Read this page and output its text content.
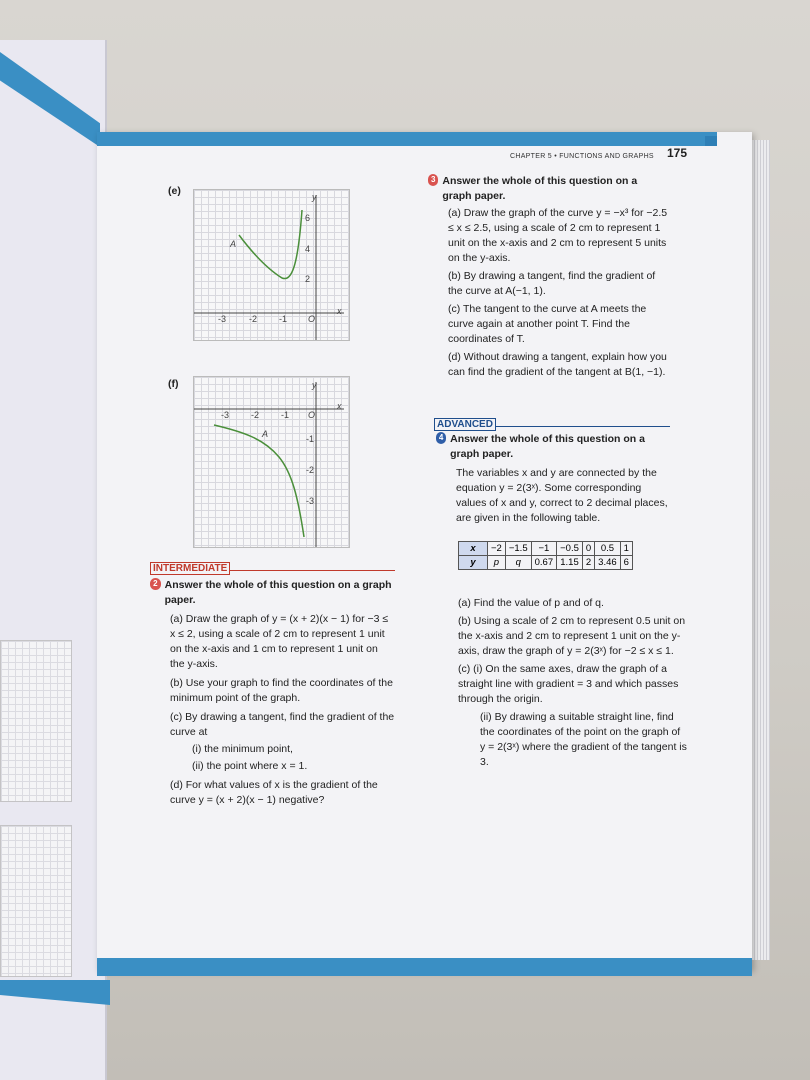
CHAPTER 5 • FUNCTIONS AND GRAPHS 175
(e)	y
x
O
A
6
4
2
-3	-2 -1
(f)	y
x
O
A	-1
-2
-3
-3 -2 -1
INTERMEDIATE
2 Answer the whole of this question on a graph paper.
(a) Draw the graph of y = (x + 2)(x − 1) for −3 ≤ x ≤ 2, using a scale of 2 cm to represent 1 unit on the x-axis and 1 cm to represent 1 unit on the y-axis.
(b) Use your graph to find the coordinates of the minimum point of the graph.
(c) By drawing a tangent, find the gradient of the curve at
(i) the minimum point,
(ii) the point where x = 1.
(d) For what values of x is the gradient of the curve y = (x + 2)(x − 1) negative?
3 Answer the whole of this question on a graph paper.
(a) Draw the graph of the curve y = −x³ for −2.5 ≤ x ≤ 2.5, using a scale of 2 cm to represent 1 unit on the x-axis and 2 cm to represent 5 units on the y-axis.
(b) By drawing a tangent, find the gradient of the curve at A(−1, 1).
(c) The tangent to the curve at A meets the curve again at another point T. Find the coordinates of T.
(d) Without drawing a tangent, explain how you can find the gradient of the tangent at B(1, −1).
ADVANCED
4 Answer the whole of this question on a graph paper.
The variables x and y are connected by the equation y = 2(3ˣ). Some corresponding values of x and y, correct to 2 decimal places, are given in the following table.
x	−2	−1.5	−1	−0.5	0	0.5	1
y	p	q	0.67	1.15	2	3.46	6
(a) Find the value of p and of q.
(b) Using a scale of 2 cm to represent 0.5 unit on the x-axis and 2 cm to represent 1 unit on the y-axis, draw the graph of y = 2(3ˣ) for −2 ≤ x ≤ 1.
(c) (i) On the same axes, draw the graph of a straight line with gradient = 3 and which passes through the origin.
(ii) By drawing a suitable straight line, find the coordinates of the point on the graph of y = 2(3ˣ) where the gradient of the tangent is 3.
